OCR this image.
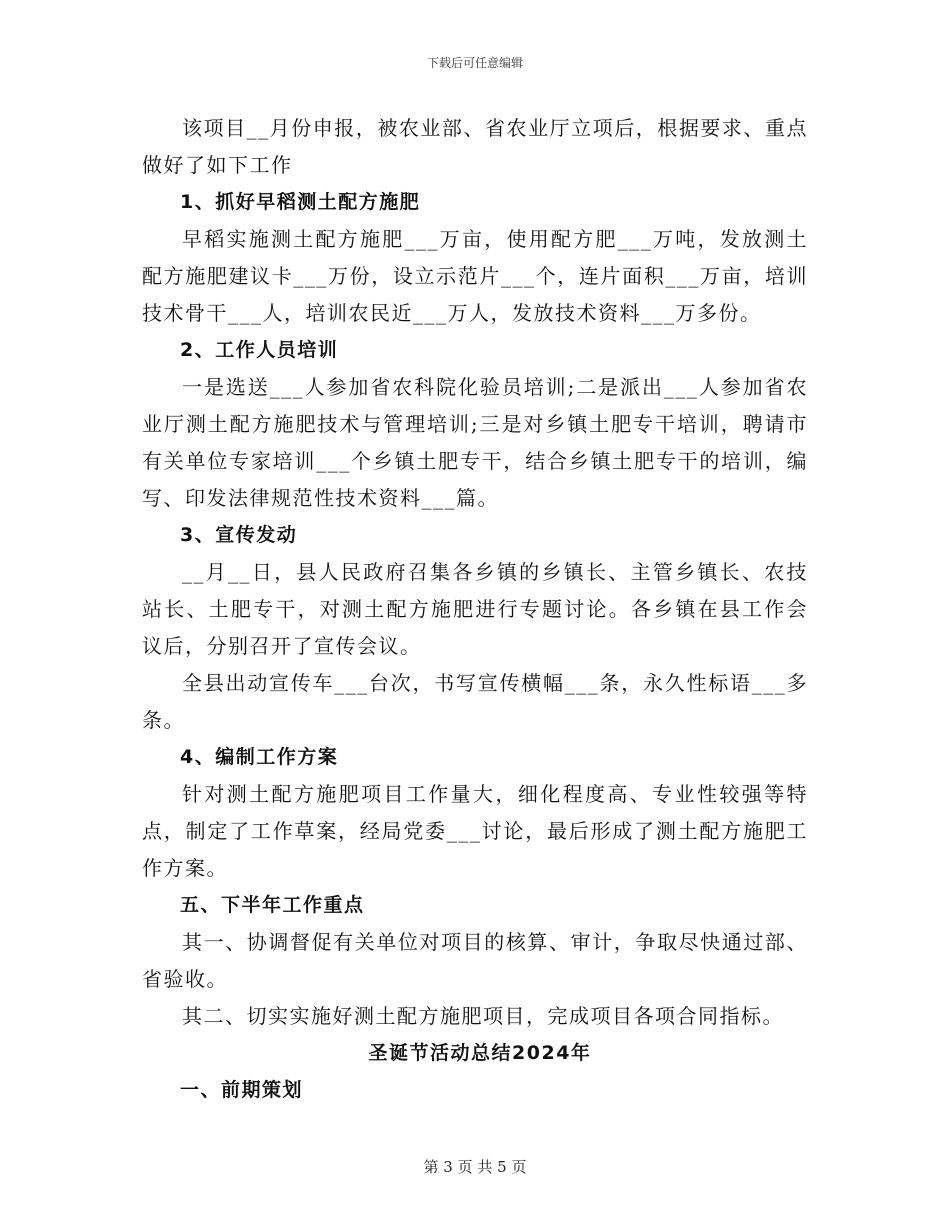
下载后可任意编辑

该项目__月份申报，被农业部、省农业厅立项后，根据要求、重点做好了如下工作

1、抓好早稻测土配方施肥

早稻实施测土配方施肥___万亩，使用配方肥___万吨，发放测土配方施肥建议卡___万份，设立示范片___个，连片面积___万亩，培训技术骨干___人，培训农民近___万人，发放技术资料___万多份。

2、工作人员培训

一是选送___人参加省农科院化验员培训;二是派出___人参加省农业厅测土配方施肥技术与管理培训;三是对乡镇土肥专干培训，聘请市有关单位专家培训___个乡镇土肥专干，结合乡镇土肥专干的培训，编写、印发法律规范性技术资料___篇。

3、宣传发动

__月__日，县人民政府召集各乡镇的乡镇长、主管乡镇长、农技站长、土肥专干，对测土配方施肥进行专题讨论。各乡镇在县工作会议后，分别召开了宣传会议。

全县出动宣传车___台次，书写宣传横幅___条，永久性标语___多条。

4、编制工作方案

针对测土配方施肥项目工作量大，细化程度高、专业性较强等特点，制定了工作草案，经局党委___讨论，最后形成了测土配方施肥工作方案。

五、下半年工作重点

其一、协调督促有关单位对项目的核算、审计，争取尽快通过部、省验收。

其二、切实实施好测土配方施肥项目，完成项目各项合同指标。

圣诞节活动总结2024年

一、前期策划

第 3 页 共 5 页
